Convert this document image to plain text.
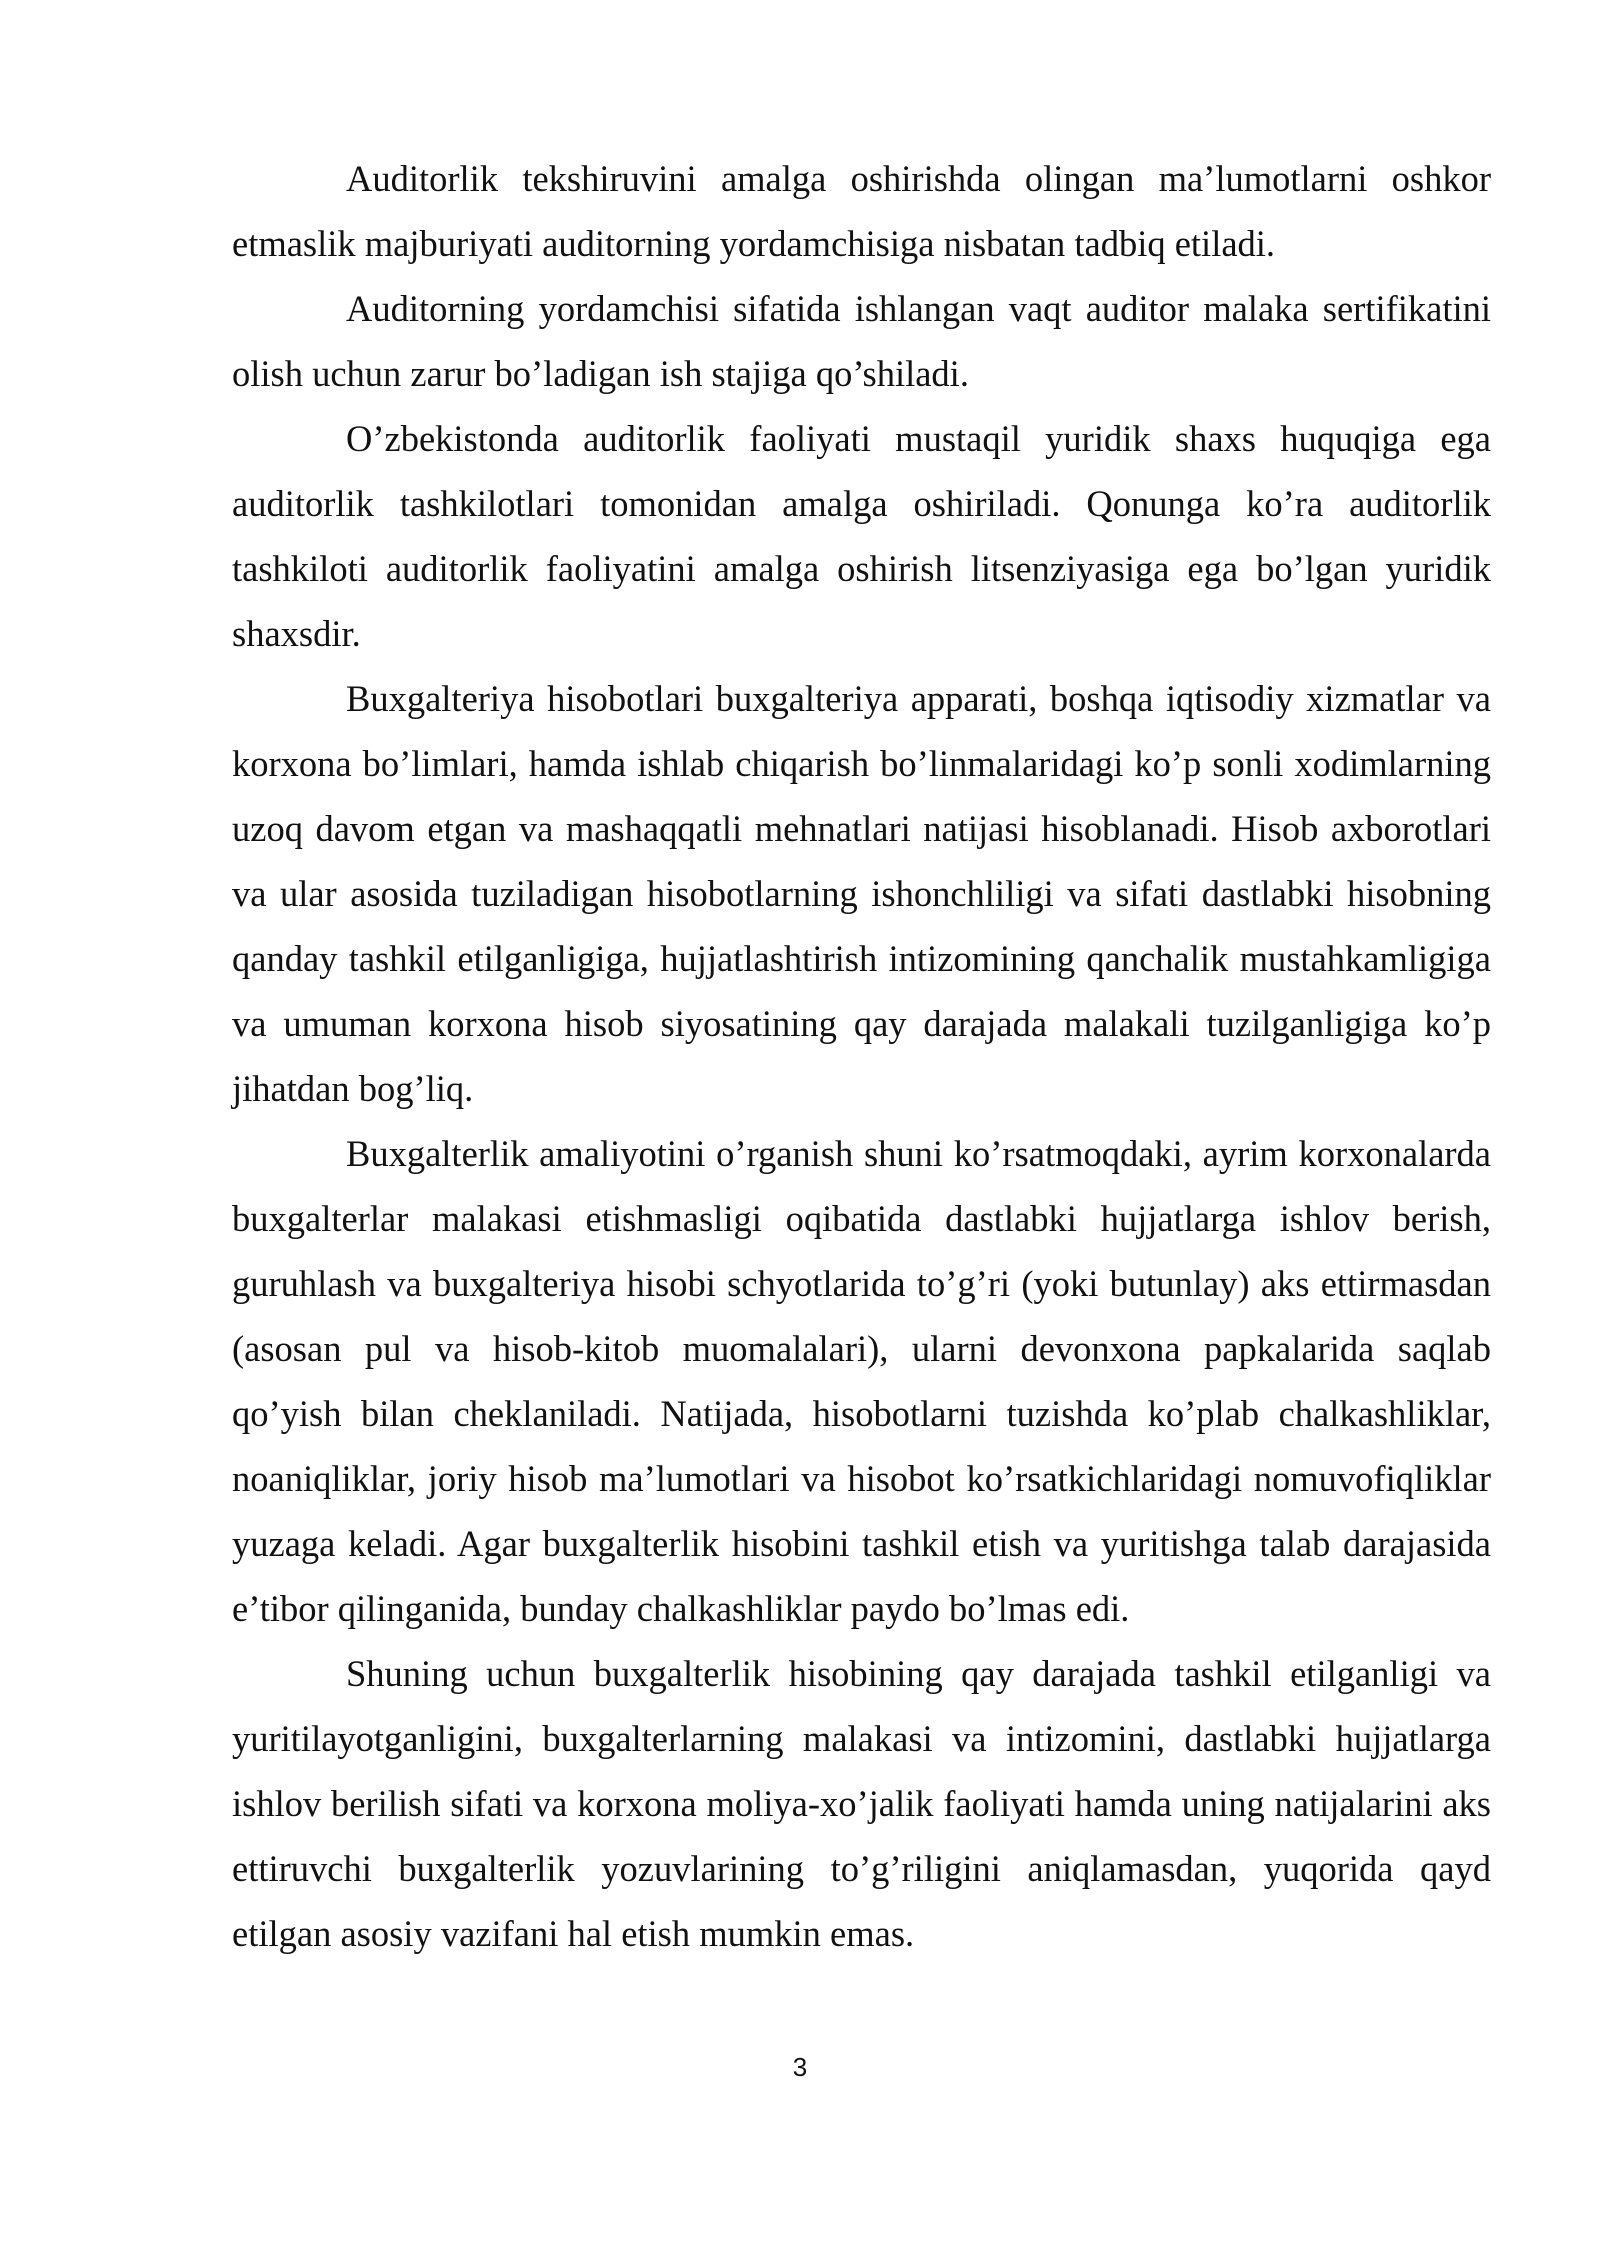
Auditorlik tekshiruvini amalga oshirishda olingan ma’lumotlarni oshkor etmaslik majburiyati auditorning yordamchisiga nisbatan tadbiq etiladi.

Auditorning yordamchisi sifatida ishlangan vaqt auditor malaka sertifikatini olish uchun zarur bo’ladigan ish stajiga qo’shiladi.

O’zbekistonda auditorlik faoliyati mustaqil yuridik shaxs huquqiga ega auditorlik tashkilotlari tomonidan amalga oshiriladi. Qonunga ko’ra auditorlik tashkiloti auditorlik faoliyatini amalga oshirish litsenziyasiga ega bo’lgan yuridik shaxsdir.

Buxgalteriya hisobotlari buxgalteriya apparati, boshqa iqtisodiy xizmatlar va korxona bo’limlari, hamda ishlab chiqarish bo’linmalaridagi ko’p sonli xodimlarning uzoq davom etgan va mashaqqatli mehnatlari natijasi hisoblanadi. Hisob axborotlari va ular asosida tuziladigan hisobotlarning ishonchliligi va sifati dastlabki hisobning qanday tashkil etilganligiga, hujjatlashtirish intizomining qanchalik mustahkamligiga va umuman korxona hisob siyosatining qay darajada malakali tuzilganligiga ko’p jihatdan bog’liq.

Buxgalterlik amaliyotini o’rganish shuni ko’rsatmoqdaki, ayrim korxonalarda buxgalterlar malakasi etishmasligi oqibatida dastlabki hujjatlarga ishlov berish, guruhlash va buxgalteriya hisobi schyotlarida to’g’ri (yoki butunlay) aks ettirmasdan (asosan pul va hisob-kitob muomalalari), ularni devonxona papkalarida saqlab qo’yish bilan cheklaniladi. Natijada, hisobotlarni tuzishda ko’plab chalkashliklar, noaniqliklar, joriy hisob ma’lumotlari va hisobot ko’rsatkichlaridagi nomuvofiqliklar yuzaga keladi. Agar buxgalterlik hisobini tashkil etish va yuritishga talab darajasida e’tibor qilinganida, bunday chalkashliklar paydo bo’lmas edi.

Shuning uchun buxgalterlik hisobining qay darajada tashkil etilganligi va yuritilayotganligini, buxgalterlarning malakasi va intizomini, dastlabki hujjatlarga ishlov berilish sifati va korxona moliya-xo’jalik faoliyati hamda uning natijalarini aks ettiruvchi buxgalterlik yozuvlarining to’g’riligini aniqlamasdan, yuqorida qayd etilgan asosiy vazifani hal etish mumkin emas.

3
